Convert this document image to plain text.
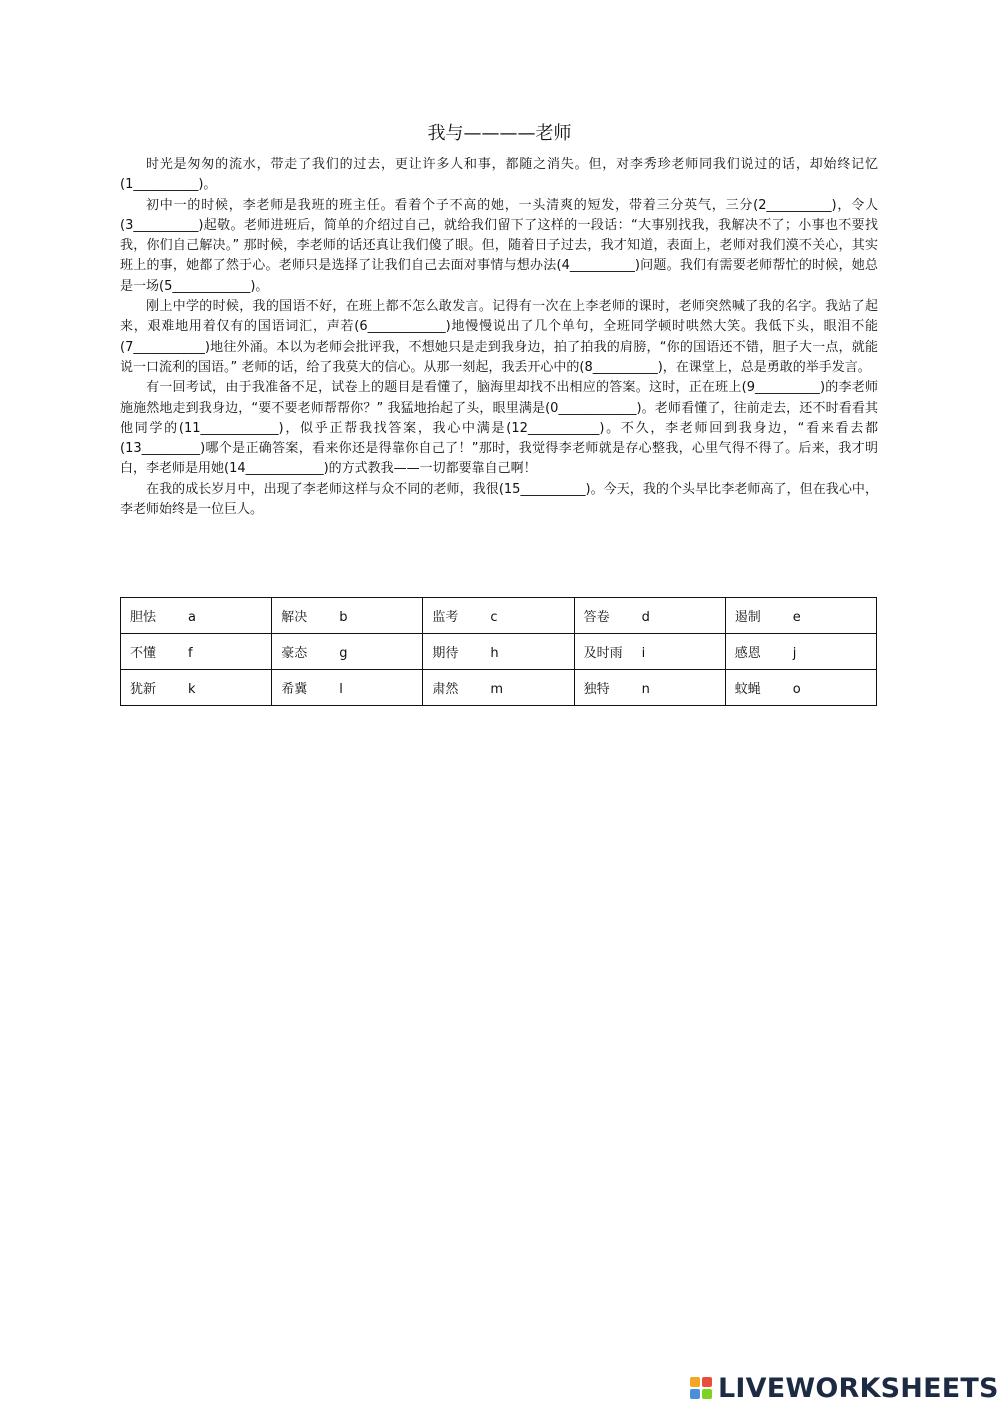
我与————老师

时光是匆匆的流水，带走了我们的过去，更让许多人和事，都随之消失。但，对李秀珍老师同我们说过的话，却始终记忆(1__________)。

初中一的时候，李老师是我班的班主任。看着个子不高的她，一头清爽的短发，带着三分英气，三分(2__________)，令人(3__________)起敬。老师进班后，简单的介绍过自己，就给我们留下了这样的一段话：“大事别找我，我解决不了；小事也不要找我，你们自己解决。” 那时候，李老师的话还真让我们傻了眼。但，随着日子过去，我才知道，表面上，老师对我们漠不关心，其实班上的事，她都了然于心。老师只是选择了让我们自己去面对事情与想办法(4__________)问题。我们有需要老师帮忙的时候，她总是一场(5____________)。

刚上中学的时候，我的国语不好，在班上都不怎么敢发言。记得有一次在上李老师的课时，老师突然喊了我的名字。我站了起来，艰难地用着仅有的国语词汇，声若(6____________)地慢慢说出了几个单句，全班同学顿时哄然大笑。我低下头，眼泪不能(7___________)地往外涌。本以为老师会批评我，不想她只是走到我身边，拍了拍我的肩膀，“你的国语还不错，胆子大一点，就能说一口流利的国语。” 老师的话，给了我莫大的信心。从那一刻起，我丢开心中的(8__________)，在课堂上，总是勇敢的举手发言。

有一回考试，由于我准备不足，试卷上的题目是看懂了，脑海里却找不出相应的答案。这时，正在班上(9__________)的李老师施施然地走到我身边，“要不要老师帮帮你？” 我猛地抬起了头，眼里满是(0____________)。老师看懂了，往前走去，还不时看看其他同学的(11____________)，似乎正帮我找答案，我心中满是(12___________)。不久，李老师回到我身边，“看来看去都(13_________)哪个是正确答案，看来你还是得靠你自己了！”那时，我觉得李老师就是存心整我，心里气得不得了。后来，我才明白，李老师是用她(14____________)的方式教我——一切都要靠自己啊！

在我的成长岁月中，出现了李老师这样与众不同的老师，我很(15__________)。今天，我的个头早比李老师高了，但在我心中，李老师始终是一位巨人。

胆怯 a	解决 b	监考 c	答卷 d	遏制 e
不懂 f	豪态 g	期待 h	及时雨 i	感恩 j
犹新 k	希冀 l	肃然 m	独特 n	蚊蝇 o
LIVEWORKSHEETS
